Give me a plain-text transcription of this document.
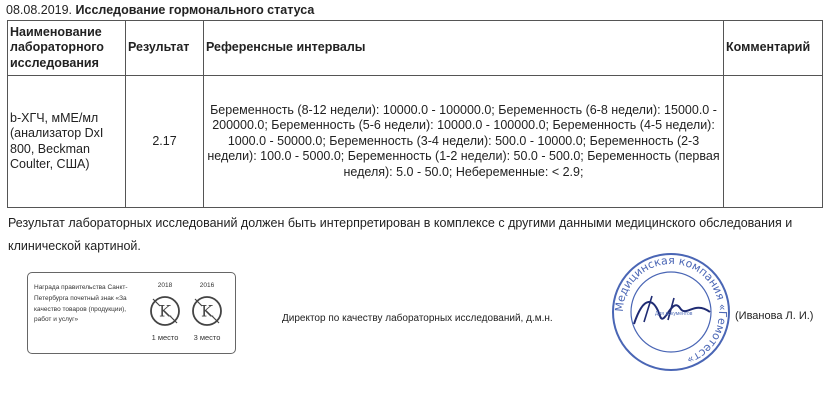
08.08.2019. Исследование гормонального статуса
Наименование лабораторного исследования	Результат	Референсные интервалы	Комментарий
b-ХГЧ, мМЕ/мл (анализатор DxI 800, Beckman Coulter, США)	2.17	Беременность (8-12 недели): 10000.0 - 100000.0; Беременность (6-8 недели): 15000.0 - 200000.0; Беременность (5-6 недели): 10000.0 - 100000.0; Беременность (4-5 недели): 1000.0 - 50000.0; Беременность (3-4 недели): 500.0 - 10000.0; Беременность (2-3 недели): 100.0 - 5000.0; Беременность (1-2 недели): 50.0 - 500.0; Беременность (первая неделя): 5.0 - 50.0; Небеременные: < 2.9;	
Результат лабораторных исследований должен быть интерпретирован в комплексе с другими данными медицинского обследования и клинической картиной.
Награда правительства Санкт-Петербурга почетный знак «За качество товаров (продукции), работ и услуг»
2018
K
1 место
2016
K
3 место
Директор по качеству лабораторных исследований, д.м.н.
Медицинская компания «Гемотест»
Для документов	(Иванова Л. И.)
